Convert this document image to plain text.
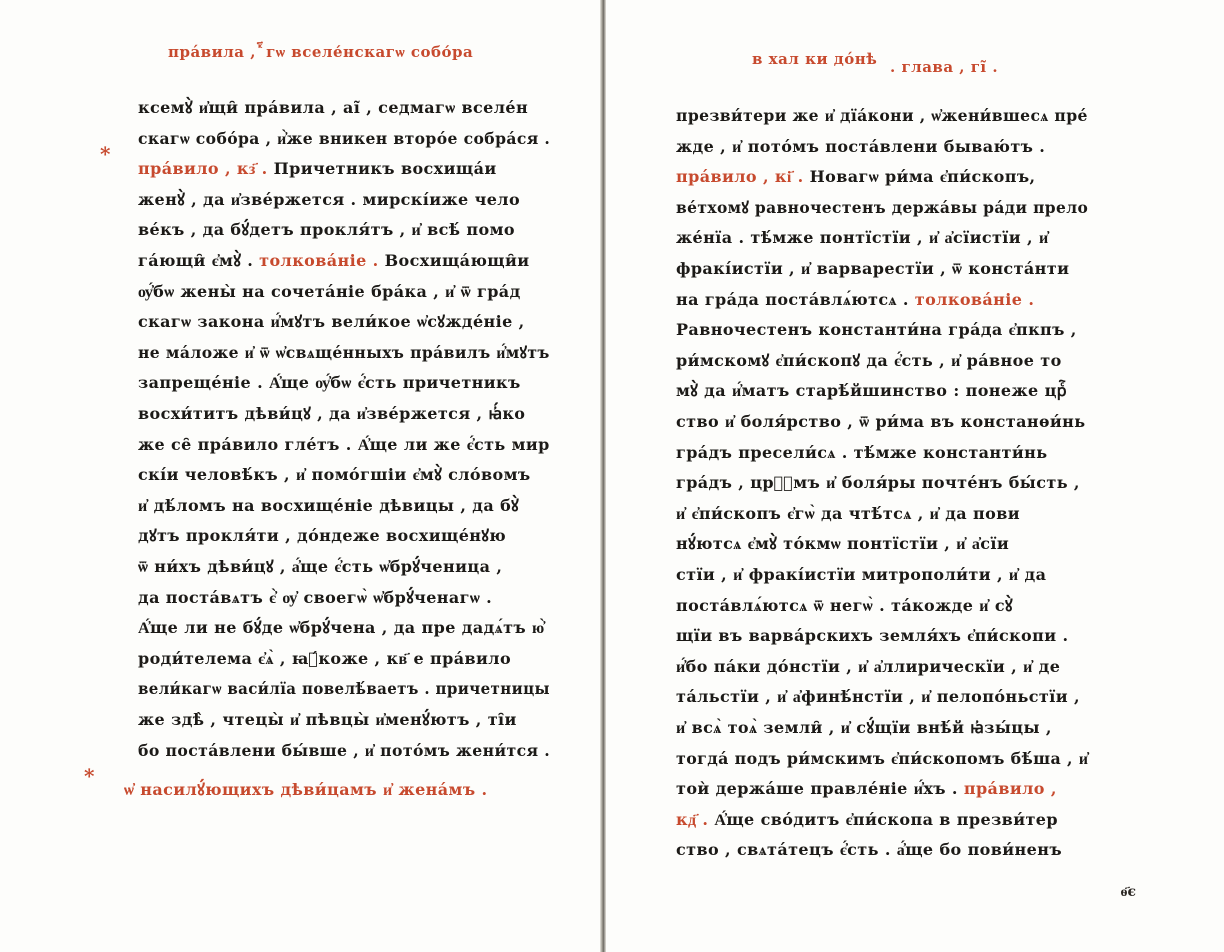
прáвила , ⷦ҃ гѡ вселе́нскагѡ собо́ра
*
*
ксемꙋ̀ и҆щи̑ прáвила , аі̃ , седмагѡ вселе́н
скагѡ собо́ра , и҆̀же вникен второ́е собра́ся .
прáвило , кз҃ . Причетникъ восхищáи
женꙋ̀ , да и҆зве́ржется . мирскі́иже чело
ве́къ , да бꙋ́детъ прокля́тъ , и҆ всѣ́ помо
гáющи̑ є҆мꙋ̀ . толковáніе . Восхищáющи̑и
ѹ҆́бѡ жены̀ на сочетáніе брáка , и҆ ѿ грáд
скагѡ закона и҆́мꙋтъ вели́кое ѡ҆сꙋжде́ніе ,
не ма́ложе и҆ ѿ ѡ҆свѧще́нныхъ прáвилъ и҆́мꙋтъ
запреще́ніе . А҆́ще ѹ҆́бѡ є҆́сть причетникъ
восхи́титъ дѣви́цꙋ , да и҆зве́ржется , ꙗ҆́ко
же се̑ прáвило гле́тъ . А҆́ще ли же є҆́сть мир
скі́и человѣ́къ , и҆ помо́гшіи є҆мꙋ̀ слóвомъ
и҆ дѣ́ломъ на восхище́ніе дѣвицы , да бꙋ̀
дꙋтъ прокля́ти , до́ндеже восхище́нꙋю
ѿ ни́хъ дѣви́цꙋ , а҆́ще є҆́сть ѡ҆брꙋ́ченица ,
да постáвѧтъ є҆̀ ѹ҆ своегѡ̀ ѡ҆брꙋ́ченагѡ .
А҆́ще ли не бꙋ́де ѡ҆брꙋ́чена , да пре дадѧ́тъ ю҆̀
роди́телема є҆ѧ̀ , ꙗ҆́коже , кв҃ е прáвило
вели́кагѡ васи́лїа повелѣ́ваетъ . причетницы
же здѣ̀ , чтецы̀ и҆ пѣвцы̀ и҆менꙋ́ютъ , ті̑и
бо постáвлени бы́вше , и҆ пото́мъ жени́тся .
ѡ҆ насилꙋ́ющихъ дѣви́цамъ и҆ жена́мъ .
в хал ки дóнѣ . глава , гі̃ .
презви́тери же и҆ дїа́кони , ѡ҆жени́вшесѧ пре́
жде , и҆ потóмъ постáвлени бываю́тъ .
прáвило , кі҃ . Новагѡ ри́ма є҆пи́скопъ,
ве́тхомꙋ равночестенъ держáвы рáди прело
же́нїа . тѣ́мже понтїстїи , и҆ а҆сїистїи , и҆
фракі́истїи , и҆ варварестїи , ѿ конста́нти
на грáда постáвлѧ́ютсѧ . толковáніе .
Равночестенъ константи́на грáда є҆пкпъ ,
ри́мскомꙋ є҆пи́скопꙋ да є҆́сть , и҆ рáвное то
мꙋ̀ да и҆́матъ старѣ́йшинство : понеже црⷭ҇
ство и҆ боля́рство , ѿ ри́ма въ констанѳи́нь
грáдъ пресели́сѧ . тѣ́мже константи́нь
грáдъ , црⷭ҇мъ и҆ боля́ры почте́нъ бы́сть ,
и҆ є҆пи́скопъ є҆гѡ̀ да чтѣ́тсѧ , и҆ да пови
нꙋ́ютсѧ є҆мꙋ̀ то́кмѡ понтїстїи , и҆ а҆сїи
стїи , и҆ фракі́истїи митрополи́ти , и҆ да
постáвлѧ́ютсѧ ѿ негѡ̀ . тáкожде и҆ сꙋ̀
щїи въ варвáрскихъ земля́хъ є҆пи́скопи .
и҆́бо пáки до́нстїи , и҆ а҆ллирическїи , и҆ де
тáльстїи , и҆ а҆финѣ́нстїи , и҆ пелопо́ньстїи ,
и҆ всѧ̀ тоѧ̀ земли̑ , и҆ сꙋ́щїи внѣ́й ꙗ҆зы́цы ,
тогдá подъ ри́мскимъ є҆пи́скопомъ бѣ́ша , и҆
тоѝ держáше правле́ніе и҆́хъ . прáвило ,
кд҃ . А҆́ще сво́дитъ є҆пи́скопа в презви́тер
ство , свѧтáтецъ є҆́сть . а҆́ще бо пови́ненъ
ѳ҃є
